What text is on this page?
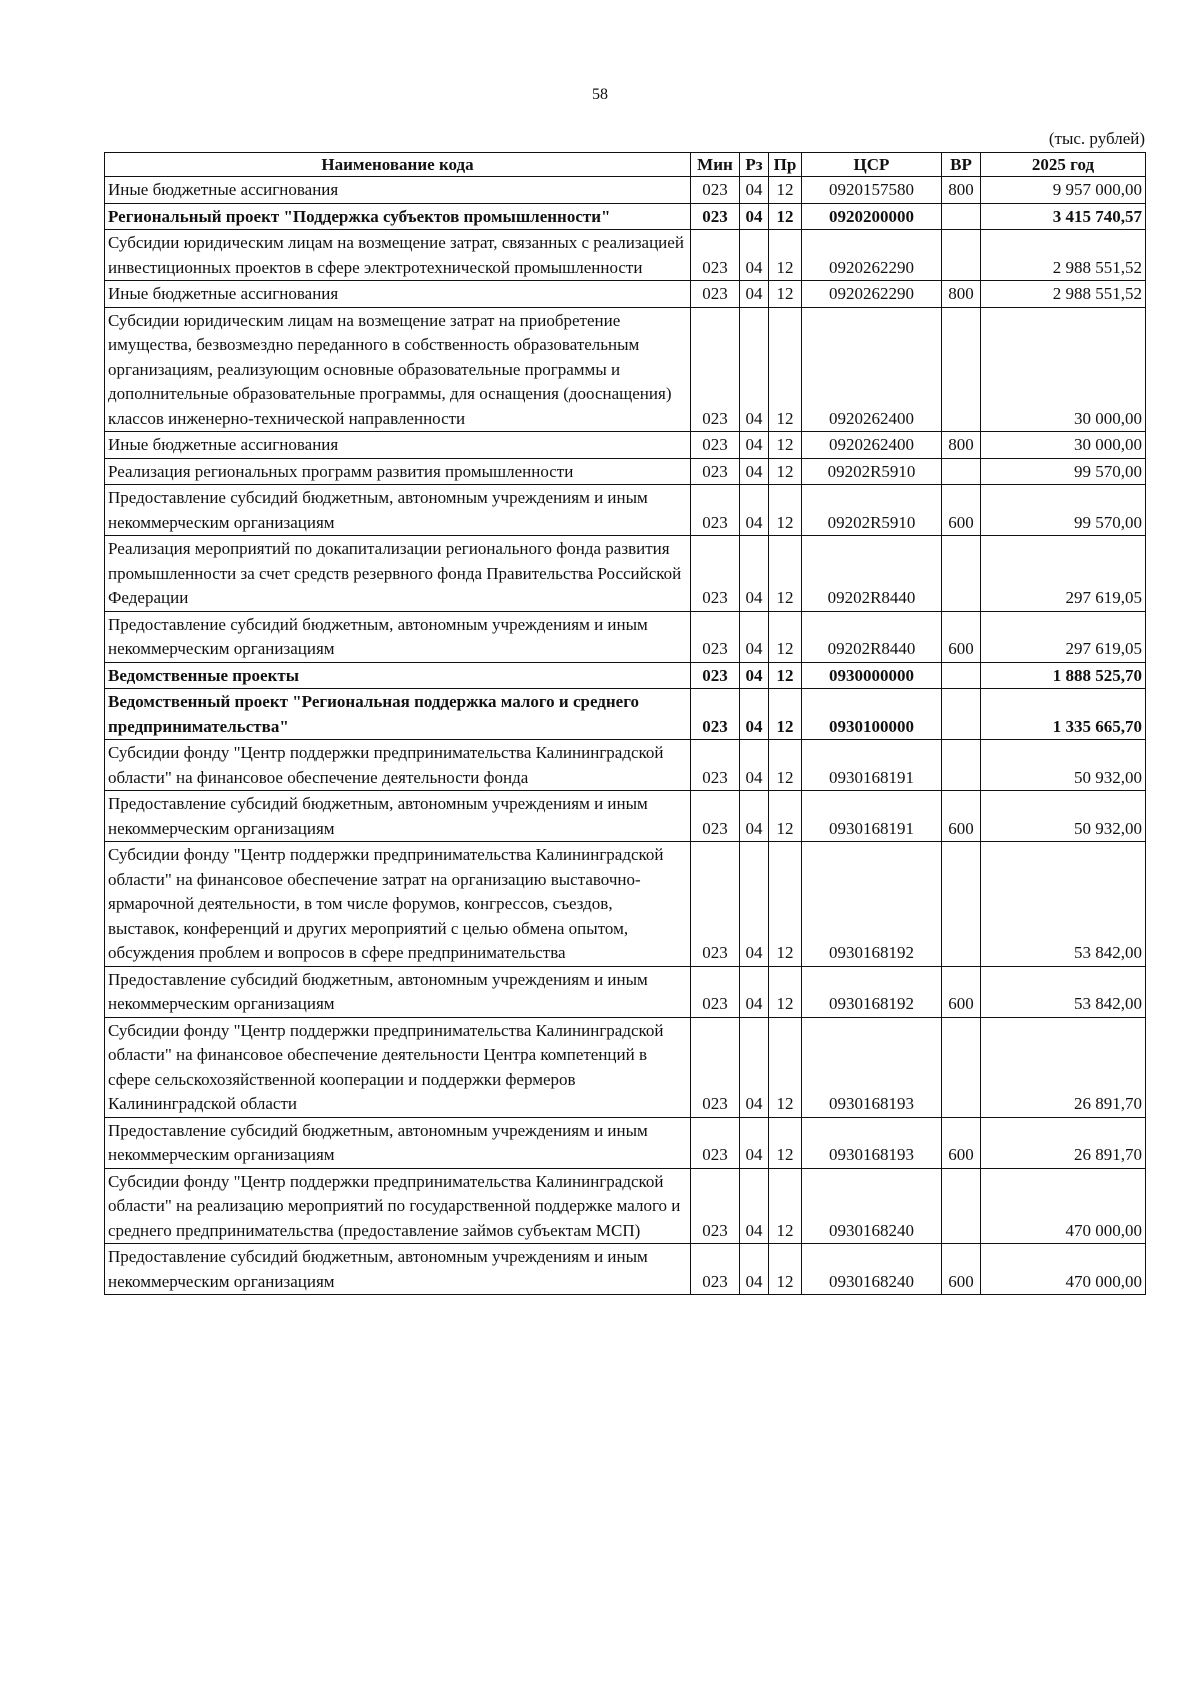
58
(тыс. рублей)
Наименование кода	Мин	Рз	Пр	ЦСР	ВР	2025 год
Иные бюджетные ассигнования	023	04	12	0920157580	800	9 957 000,00
Региональный проект "Поддержка субъектов промышленности"	023	04	12	0920200000		3 415 740,57
Субсидии юридическим лицам на возмещение затрат, связанных с реализацией инвестиционных проектов в сфере электротехнической промышленности	023	04	12	0920262290		2 988 551,52
Иные бюджетные ассигнования	023	04	12	0920262290	800	2 988 551,52
Субсидии юридическим лицам на возмещение затрат на приобретение имущества, безвозмездно переданного в собственность образовательным организациям, реализующим основные образовательные программы и дополнительные образовательные программы, для оснащения (дооснащения) классов инженерно-технической направленности	023	04	12	0920262400		30 000,00
Иные бюджетные ассигнования	023	04	12	0920262400	800	30 000,00
Реализация региональных программ развития промышленности	023	04	12	09202R5910		99 570,00
Предоставление субсидий бюджетным, автономным учреждениям и иным некоммерческим организациям	023	04	12	09202R5910	600	99 570,00
Реализация мероприятий по докапитализации регионального фонда развития промышленности за счет средств резервного фонда Правительства Российской Федерации	023	04	12	09202R8440		297 619,05
Предоставление субсидий бюджетным, автономным учреждениям и иным некоммерческим организациям	023	04	12	09202R8440	600	297 619,05
Ведомственные проекты	023	04	12	0930000000		1 888 525,70
Ведомственный проект "Региональная поддержка малого и среднего предпринимательства"	023	04	12	0930100000		1 335 665,70
Субсидии фонду "Центр поддержки предпринимательства Калининградской области" на финансовое обеспечение деятельности фонда	023	04	12	0930168191		50 932,00
Предоставление субсидий бюджетным, автономным учреждениям и иным некоммерческим организациям	023	04	12	0930168191	600	50 932,00
Субсидии фонду "Центр поддержки предпринимательства Калининградской области" на финансовое обеспечение затрат на организацию выставочно-ярмарочной деятельности, в том числе форумов, конгрессов, съездов, выставок, конференций и других мероприятий с целью обмена опытом, обсуждения проблем и вопросов в сфере предпринимательства	023	04	12	0930168192		53 842,00
Предоставление субсидий бюджетным, автономным учреждениям и иным некоммерческим организациям	023	04	12	0930168192	600	53 842,00
Субсидии фонду "Центр поддержки предпринимательства Калининградской области" на финансовое обеспечение деятельности Центра компетенций в сфере сельскохозяйственной кооперации и поддержки фермеров Калининградской области	023	04	12	0930168193		26 891,70
Предоставление субсидий бюджетным, автономным учреждениям и иным некоммерческим организациям	023	04	12	0930168193	600	26 891,70
Субсидии фонду "Центр поддержки предпринимательства Калининградской области" на реализацию мероприятий по государственной поддержке малого и среднего предпринимательства (предоставление займов субъектам МСП)	023	04	12	0930168240		470 000,00
Предоставление субсидий бюджетным, автономным учреждениям и иным некоммерческим организациям	023	04	12	0930168240	600	470 000,00
